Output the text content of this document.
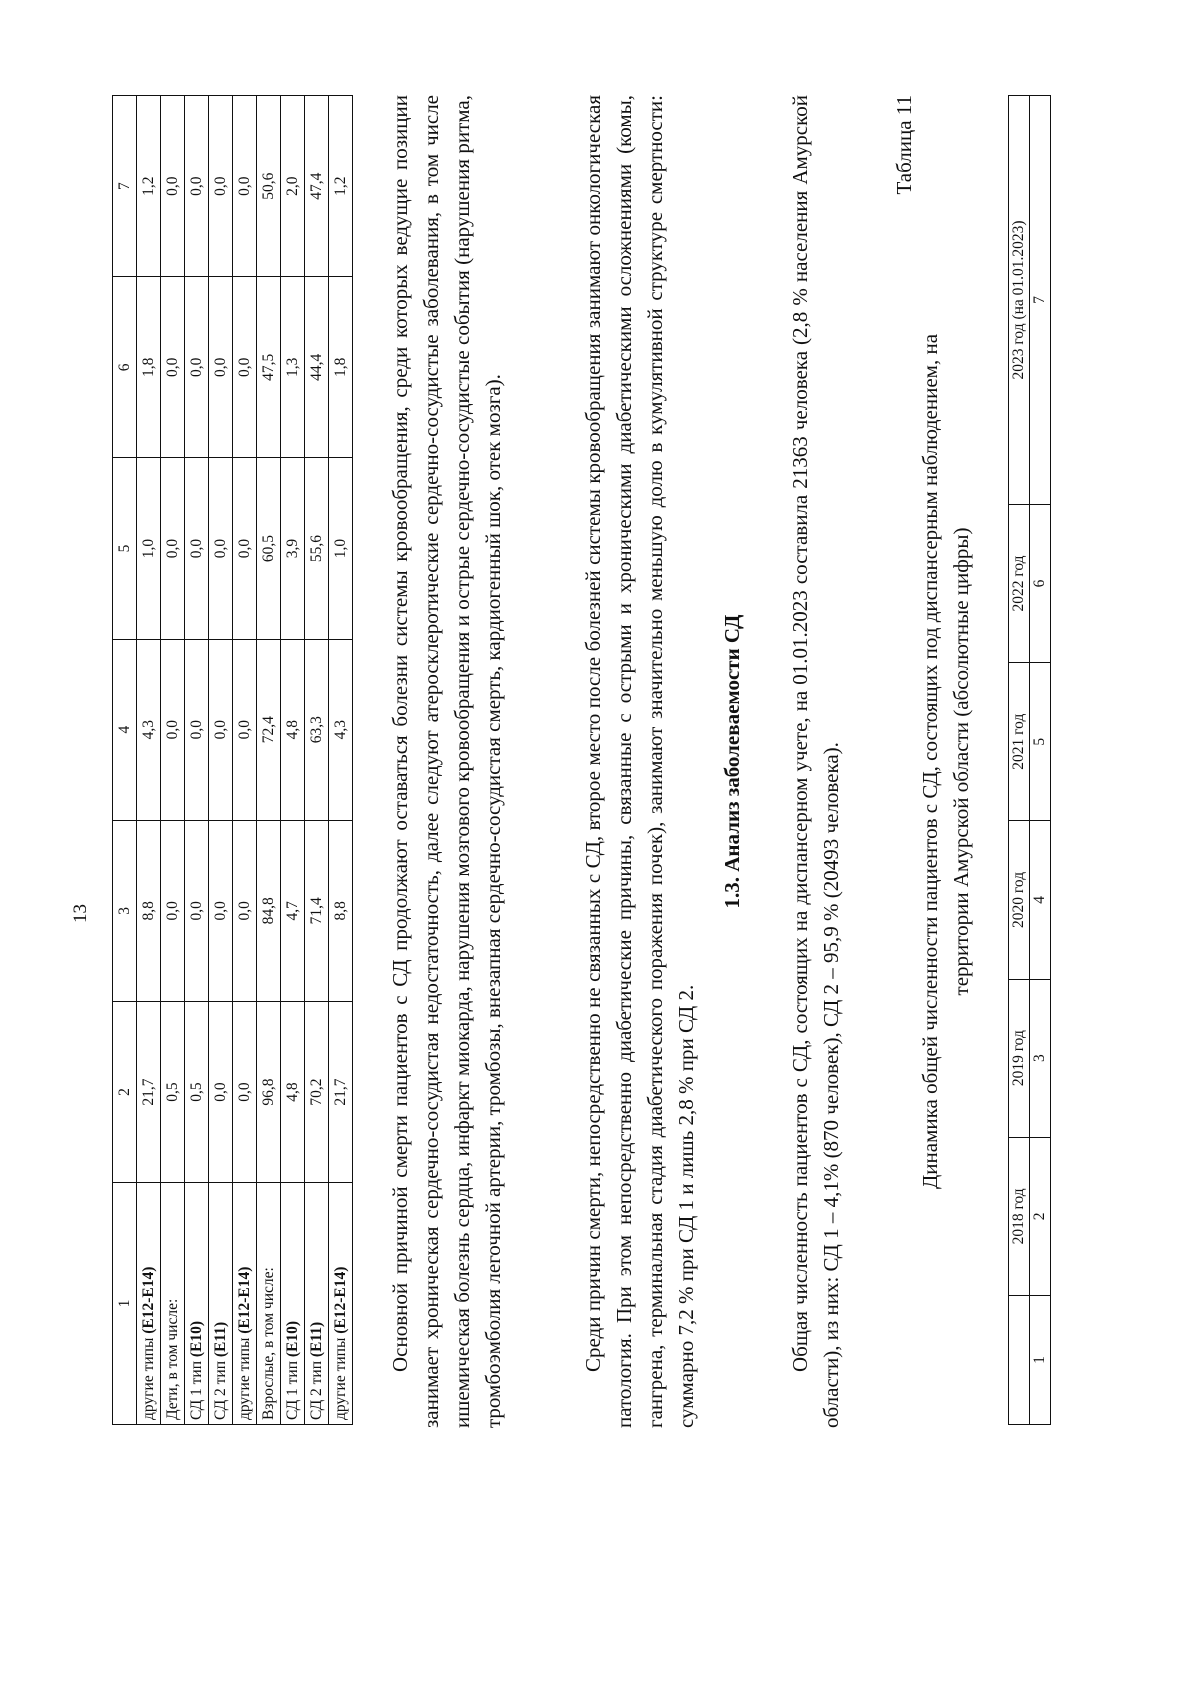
13
1	2	3	4	5	6	7
другие типы (Е12-Е14)	21,7	8,8	4,3	1,0	1,8	1,2
Дети, в том числе:	0,5	0,0	0,0	0,0	0,0	0,0
СД 1 тип (Е10)	0,5	0,0	0,0	0,0	0,0	0,0
СД 2 тип (Е11)	0,0	0,0	0,0	0,0	0,0	0,0
другие типы (Е12-Е14)	0,0	0,0	0,0	0,0	0,0	0,0
Взрослые, в том числе:	96,8	84,8	72,4	60,5	47,5	50,6
СД 1 тип (Е10)	4,8	4,7	4,8	3,9	1,3	2,0
СД 2 тип (Е11)	70,2	71,4	63,3	55,6	44,4	47,4
другие типы (Е12-Е14)	21,7	8,8	4,3	1,0	1,8	1,2 Основной причиной смерти пациентов с СД продолжают оставаться болезни системы кровообращения, среди которых ведущие позиции занимает хроническая сердечно-сосудистая недостаточность, далее следуют атеросклеротические сердечно-сосудистые заболевания, в том числе ишемическая болезнь сердца, инфаркт миокарда, нарушения мозгового кровообращения и острые сердечно-сосудистые события (нарушения ритма, тромбоэмболия легочной артерии, тромбозы, внезапная сердечно-сосудистая смерть, кардиогенный шок, отек мозга).	Среди причин смерти, непосредственно не связанных с СД, второе место после болезней системы кровообращения занимают онкологическая патология. При этом непосредственно диабетические причины, связанные с острыми и хроническими диабетическими осложнениями (комы, гангрена, терминальная стадия диабетического поражения почек), занимают значительно меньшую долю в кумулятивной структуре смертности: суммарно 7,2 % при СД 1 и лишь 2,8 % при СД 2.

1.3. Анализ заболеваемости СД Общая численность пациентов с СД, состоящих на диспансерном учете, на 01.01.2023 составила 21363 человека (2,8 % населения Амурской области), из них: СД 1 – 4,1% (870 человек), СД 2 – 95,9 % (20493 человека).

Таблица 11

Динамика общей численности пациентов с СД, состоящих под диспансерным наблюдением, на территории Амурской области (абсолютные цифры)
	2018 год	2019 год	2020 год	2021 год	2022 год	2023 год (на 01.01.2023)
1	2	3	4	5	6	7
